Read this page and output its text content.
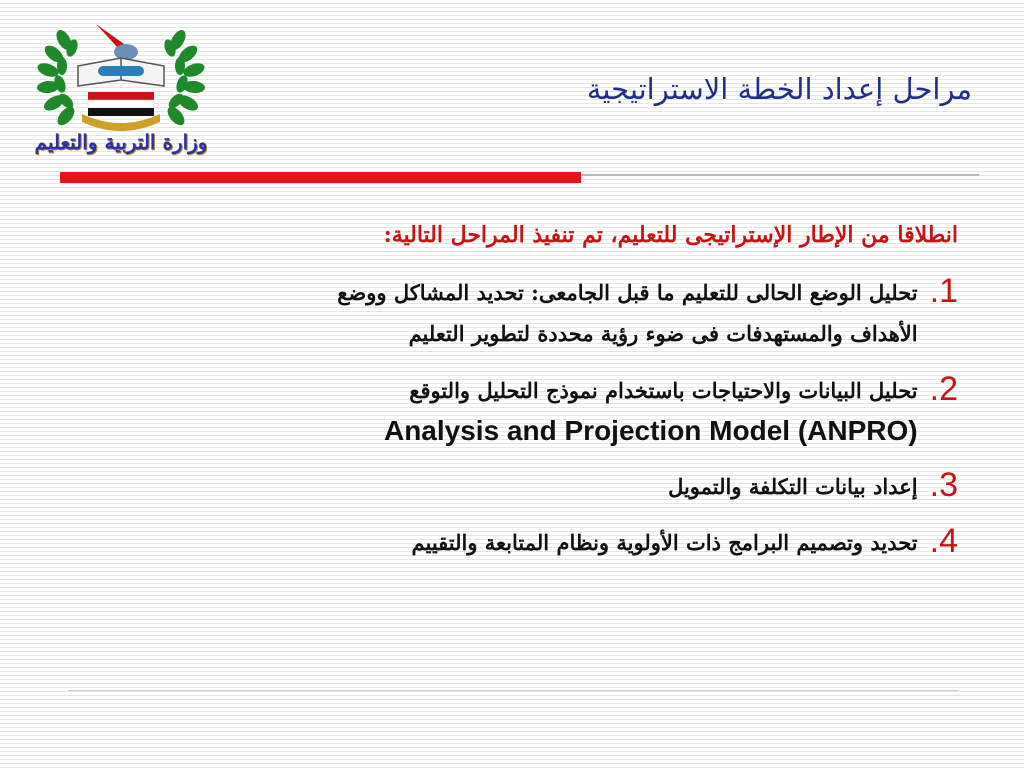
وزارة التربية والتعليم
مراحل إعداد الخطة الاستراتيجية
انطلاقا من الإطار الإستراتيجى للتعليم، تم تنفيذ المراحل التالية:
1.
تحليل الوضع الحالى للتعليم ما قبل الجامعى: تحديد المشاكل ووضع
الأهداف والمستهدفات فى ضوء رؤية محددة لتطوير التعليم
2.
تحليل البيانات والاحتياجات باستخدام نموذج التحليل والتوقع
Analysis and Projection Model (ANPRO)
3.
إعداد بيانات التكلفة والتمويل
4.
تحديد وتصميم البرامج ذات الأولوية ونظام المتابعة والتقييم
